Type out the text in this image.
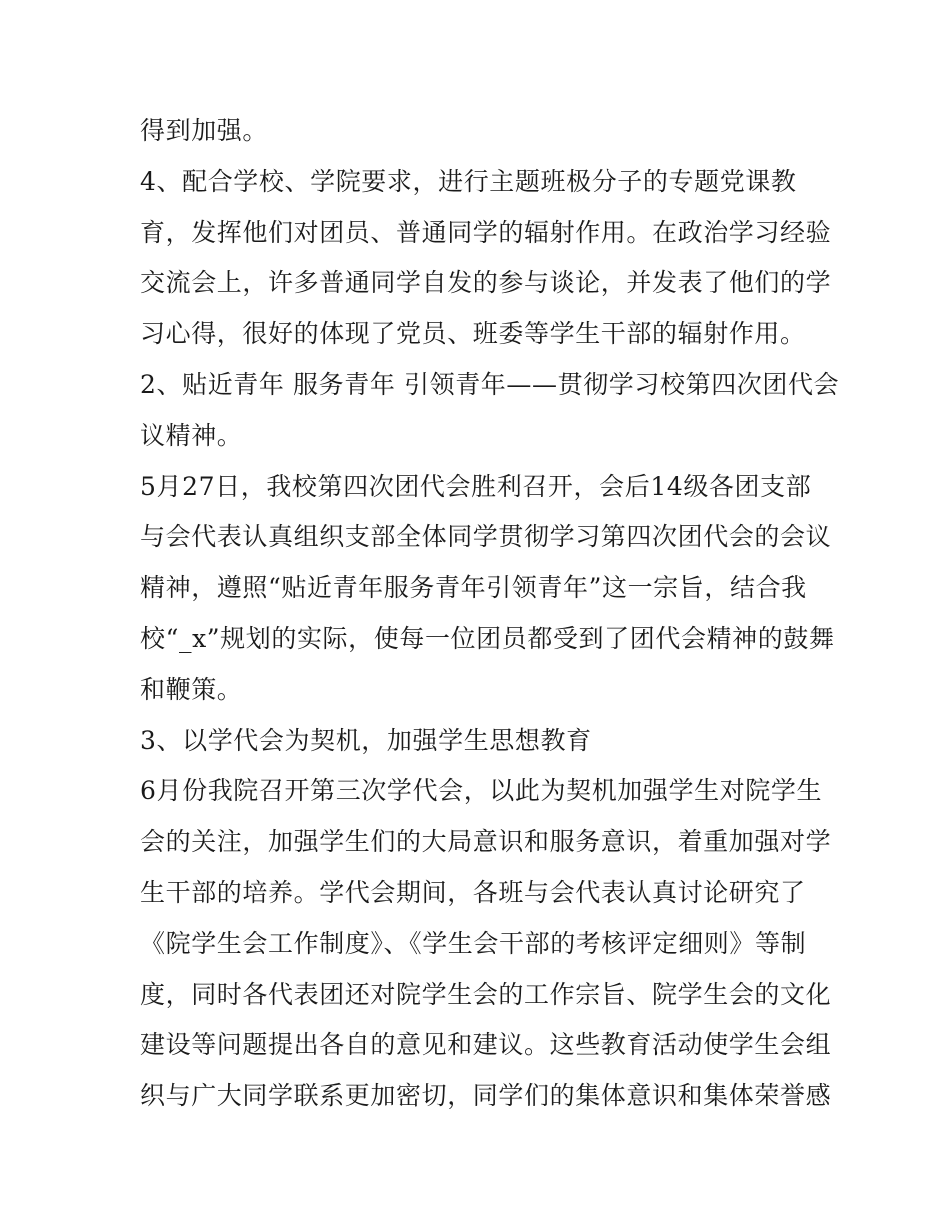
得到加强。
4、配合学校、学院要求，进行主题班极分子的专题党课教
育，发挥他们对团员、普通同学的辐射作用。在政治学习经验
交流会上，许多普通同学自发的参与谈论，并发表了他们的学
习心得，很好的体现了党员、班委等学生干部的辐射作用。
2、贴近青年 服务青年 引领青年——贯彻学习校第四次团代会
议精神。
5月27日，我校第四次团代会胜利召开，会后14级各团支部
与会代表认真组织支部全体同学贯彻学习第四次团代会的会议
精神，遵照“贴近青年服务青年引领青年”这一宗旨，结合我
校“_x”规划的实际，使每一位团员都受到了团代会精神的鼓舞
和鞭策。
3、以学代会为契机，加强学生思想教育
6月份我院召开第三次学代会，以此为契机加强学生对院学生
会的关注，加强学生们的大局意识和服务意识，着重加强对学
生干部的培养。学代会期间，各班与会代表认真讨论研究了
《院学生会工作制度》、《学生会干部的考核评定细则》等制
度，同时各代表团还对院学生会的工作宗旨、院学生会的文化
建设等问题提出各自的意见和建议。这些教育活动使学生会组
织与广大同学联系更加密切，同学们的集体意识和集体荣誉感
